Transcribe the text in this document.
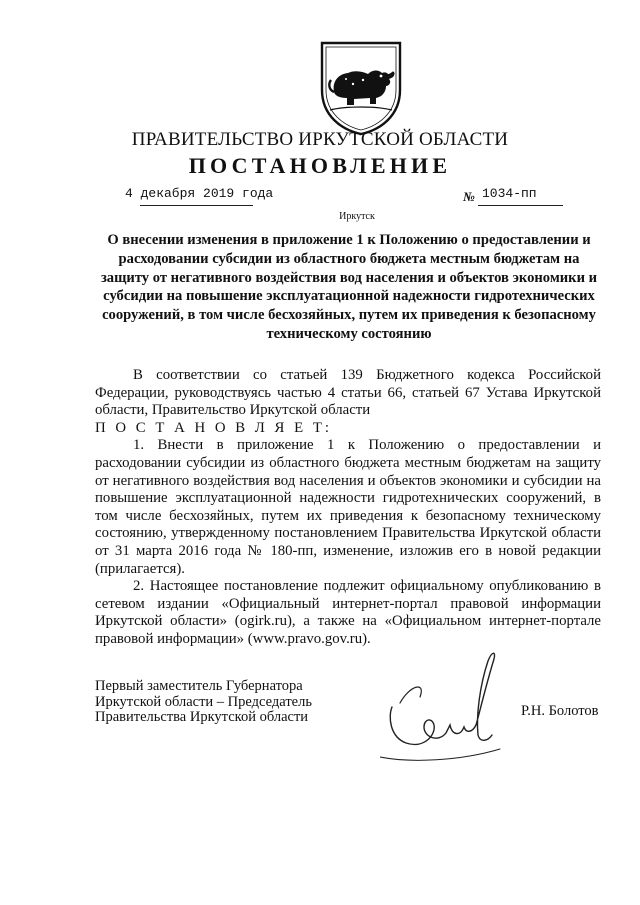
ПРАВИТЕЛЬСТВО ИРКУТСКОЙ ОБЛАСТИ
ПОСТАНОВЛЕНИЕ
4 декабря 2019 года	№ 1034-пп
Иркутск
О внесении изменения в приложение 1 к Положению о предоставлении и расходовании субсидии из областного бюджета местным бюджетам на защиту от негативного воздействия вод населения и объектов экономики и субсидии на повышение эксплуатационной надежности гидротехнических сооружений, в том числе бесхозяйных, путем их приведения к безопасному техническому состоянию

В соответствии со статьей 139 Бюджетного кодекса Российской Федерации, руководствуясь частью 4 статьи 66, статьей 67 Устава Иркутской области, Правительство Иркутской области

П О С Т А Н О В Л Я Е Т:

1. Внести в приложение 1 к Положению о предоставлении и расходовании субсидии из областного бюджета местным бюджетам на защиту от негативного воздействия вод населения и объектов экономики и субсидии на повышение эксплуатационной надежности гидротехнических сооружений, в том числе бесхозяйных, путем их приведения к безопасному техническому состоянию, утвержденному постановлением Правительства Иркутской области от 31 марта 2016 года № 180-пп, изменение, изложив его в новой редакции (прилагается).

2. Настоящее постановление подлежит официальному опубликованию в сетевом издании «Официальный интернет-портал правовой информации Иркутской области» (ogirk.ru), а также на «Официальном интернет-портале правовой информации» (www.pravo.gov.ru).

Первый заместитель Губернатора
Иркутской области – Председатель
Правительства Иркутской области	Р.Н. Болотов
